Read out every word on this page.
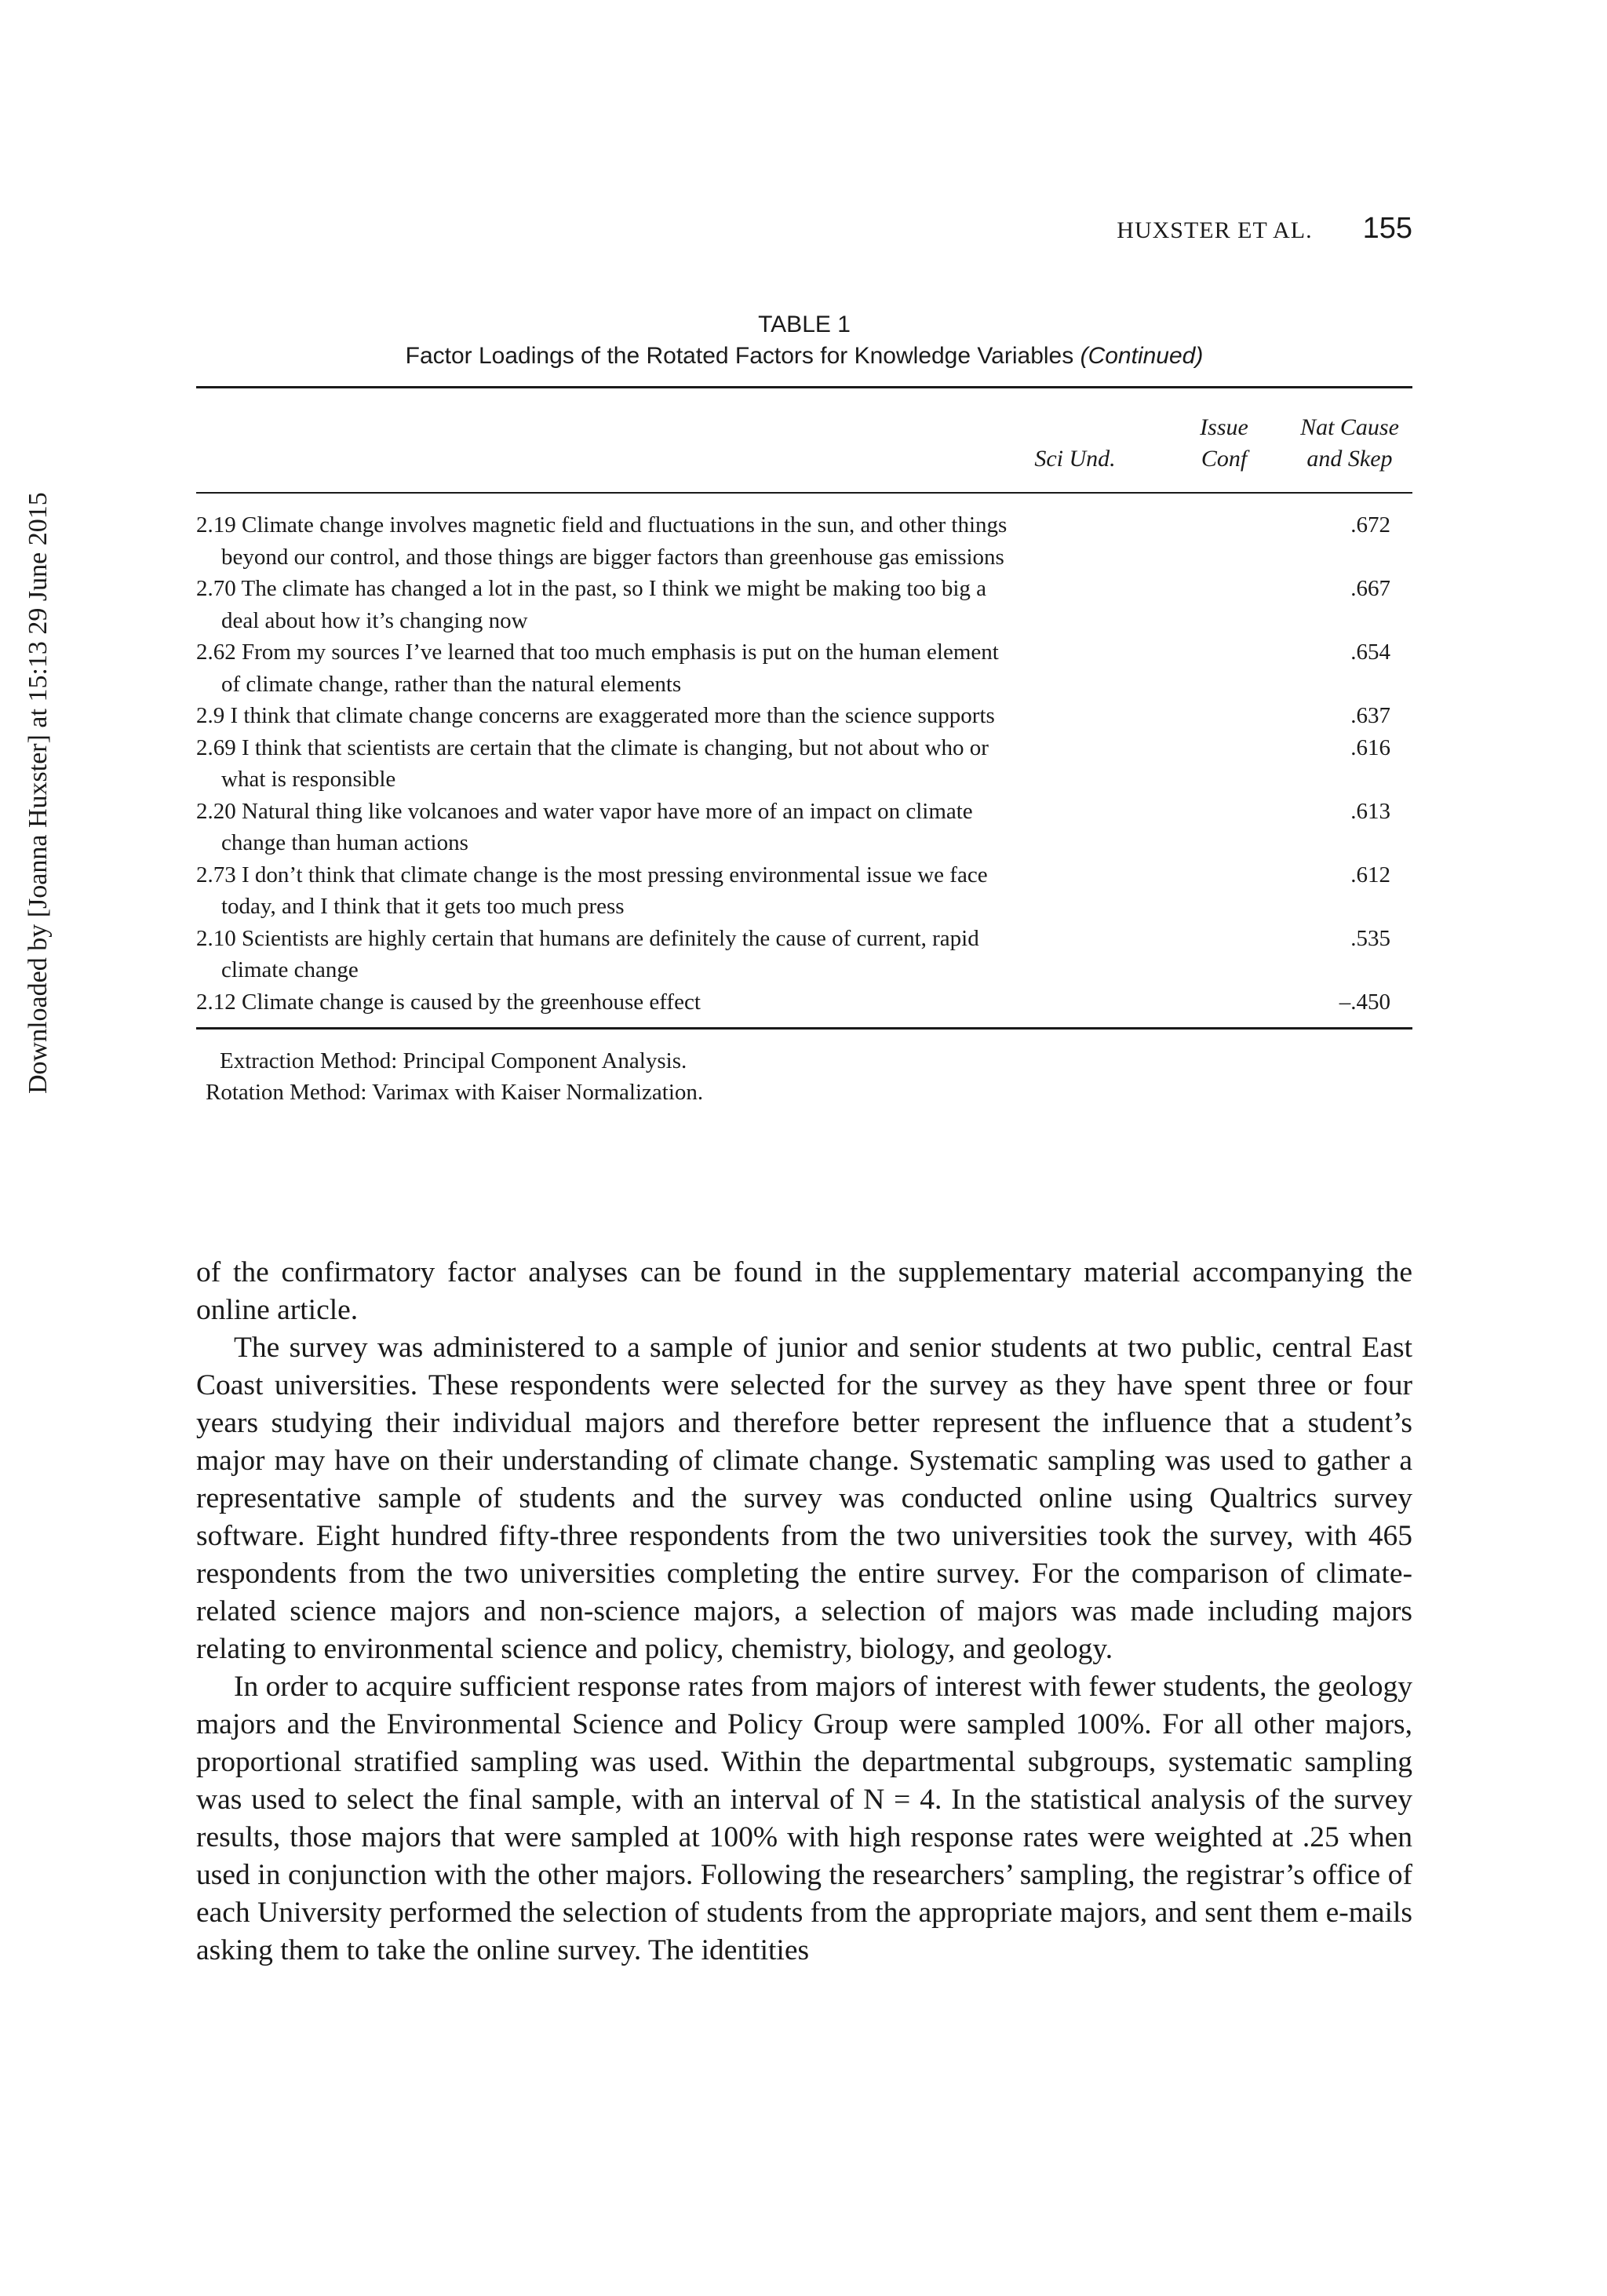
HUXSTER ET AL. 155
Downloaded by [Joanna Huxster] at 15:13 29 June 2015
TABLE 1
Factor Loadings of the Rotated Factors for Knowledge Variables (Continued)
Sci Und.
Issue
Conf
Nat Cause
and Skep
2.19 Climate change involves magnetic field and fluctuations in the sun, and other things beyond our control, and those things are bigger factors than greenhouse gas emissions
.672
2.70 The climate has changed a lot in the past, so I think we might be making too big a deal about how it’s changing now
.667
2.62 From my sources I’ve learned that too much emphasis is put on the human element of climate change, rather than the natural elements
.654
2.9 I think that climate change concerns are exaggerated more than the science supports	.637
2.69 I think that scientists are certain that the climate is changing, but not about who or what is responsible
.616
2.20 Natural thing like volcanoes and water vapor have more of an impact on climate change than human actions
.613
2.73 I don’t think that climate change is the most pressing environmental issue we face today, and I think that it gets too much press
.612
2.10 Scientists are highly certain that humans are definitely the cause of current, rapid climate change
.535
2.12 Climate change is caused by the greenhouse effect	–.450
Extraction Method: Principal Component Analysis.
Rotation Method: Varimax with Kaiser Normalization.

of the confirmatory factor analyses can be found in the supplementary material accompanying the online article.

The survey was administered to a sample of junior and senior students at two public, central East Coast universities. These respondents were selected for the survey as they have spent three or four years studying their individual majors and therefore better represent the influence that a student’s major may have on their understanding of climate change. Systematic sampling was used to gather a representative sample of students and the survey was conducted online using Qualtrics survey software. Eight hundred fifty-three respondents from the two universities took the survey, with 465 respondents from the two universities completing the entire survey. For the comparison of climate-related science majors and non-science majors, a selection of majors was made including majors relating to environmental science and policy, chemistry, biology, and geology.

In order to acquire sufficient response rates from majors of interest with fewer students, the geology majors and the Environmental Science and Policy Group were sampled 100%. For all other majors, proportional stratified sampling was used. Within the departmental subgroups, systematic sampling was used to select the final sample, with an interval of N = 4. In the statistical analysis of the survey results, those majors that were sampled at 100% with high response rates were weighted at .25 when used in conjunction with the other majors. Following the researchers’ sampling, the registrar’s office of each University performed the selection of students from the appropriate majors, and sent them e-mails asking them to take the online survey. The identities
